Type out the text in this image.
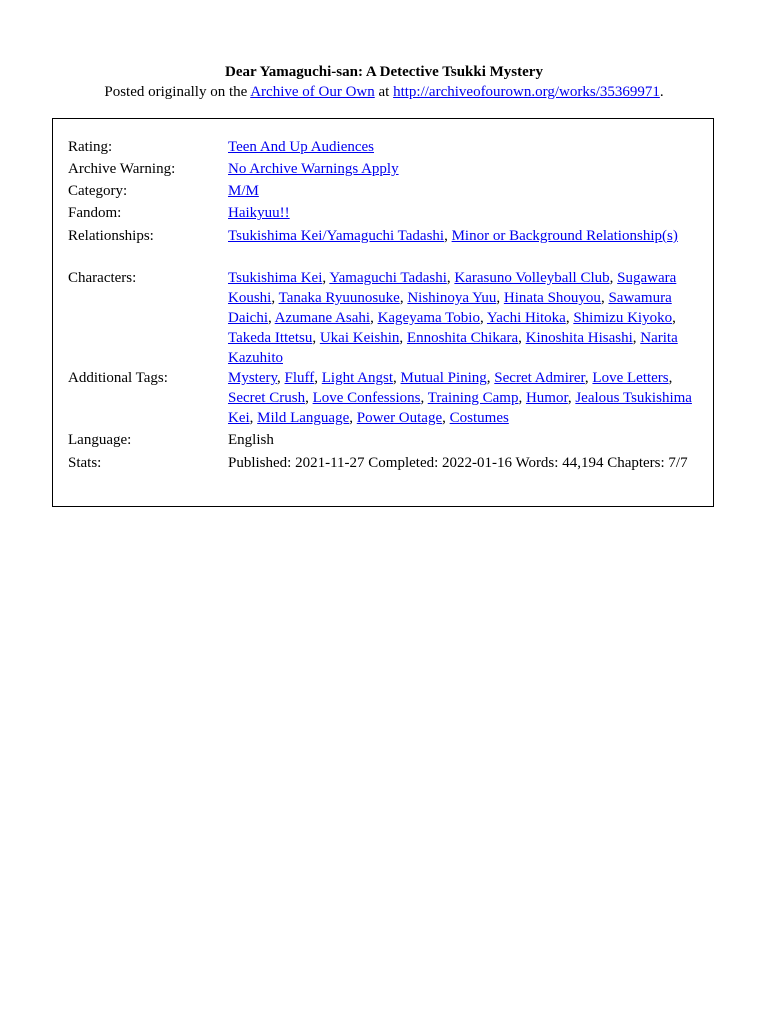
Dear Yamaguchi-san: A Detective Tsukki Mystery
Posted originally on the Archive of Our Own at http://archiveofourown.org/works/35369971.
Rating:	Teen And Up Audiences
Archive Warning:	No Archive Warnings Apply
Category:	M/M
Fandom:	Haikyuu!!
Relationships:	Tsukishima Kei/Yamaguchi Tadashi, Minor or Background Relationship(s)
Characters:	Tsukishima Kei, Yamaguchi Tadashi, Karasuno Volleyball Club, Sugawara Koushi, Tanaka Ryuunosuke, Nishinoya Yuu, Hinata Shouyou, Sawamura Daichi, Azumane Asahi, Kageyama Tobio, Yachi Hitoka, Shimizu Kiyoko, Takeda Ittetsu, Ukai Keishin, Ennoshita Chikara, Kinoshita Hisashi, Narita Kazuhito
Additional Tags:	Mystery, Fluff, Light Angst, Mutual Pining, Secret Admirer, Love Letters, Secret Crush, Love Confessions, Training Camp, Humor, Jealous Tsukishima Kei, Mild Language, Power Outage, Costumes
Language:	English
Stats:	Published: 2021-11-27 Completed: 2022-01-16 Words: 44,194 Chapters: 7/7
